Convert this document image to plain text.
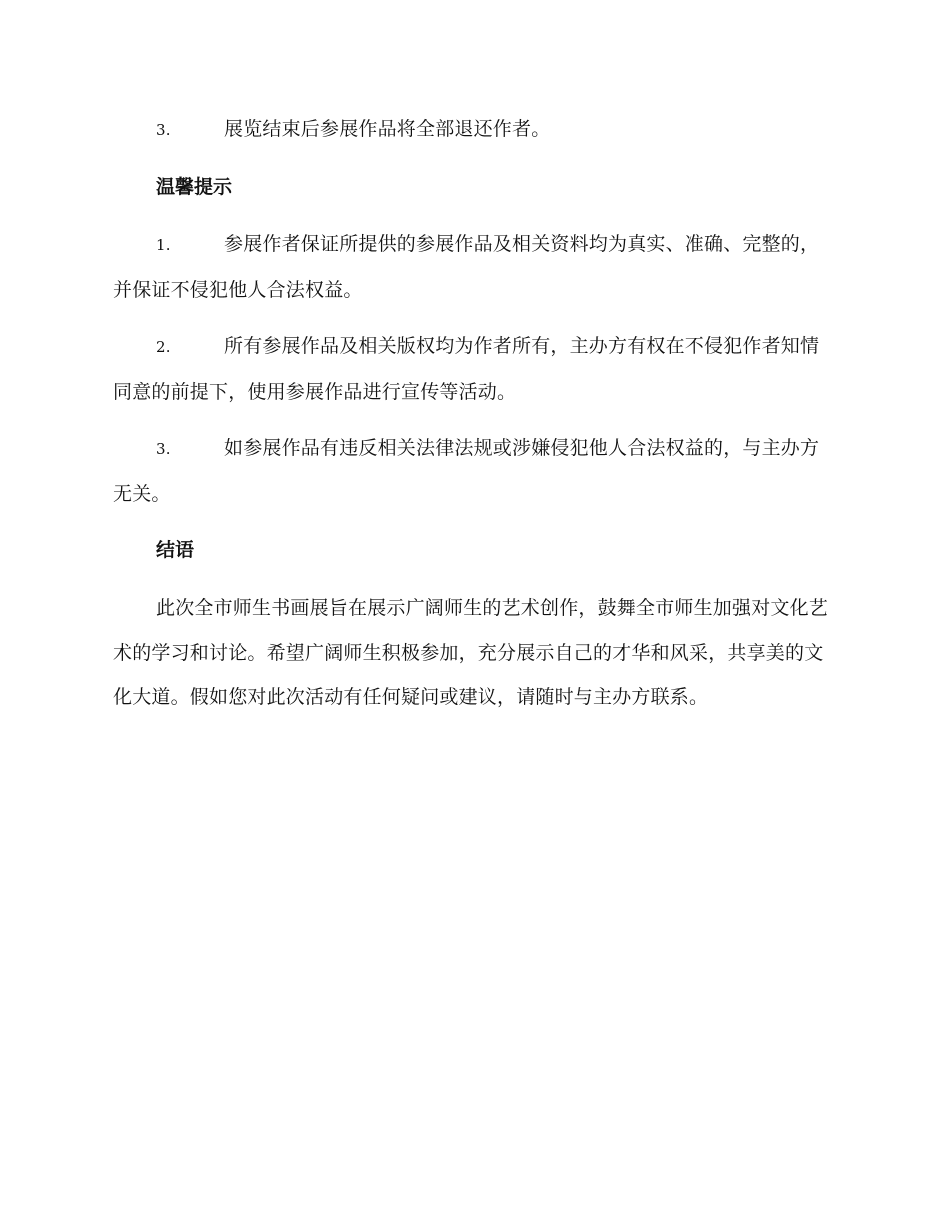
3.	展览结束后参展作品将全部退还作者。
温馨提示
1.	参展作者保证所提供的参展作品及相关资料均为真实、准确、完整的，并保证不侵犯他人合法权益。
2.	所有参展作品及相关版权均为作者所有，主办方有权在不侵犯作者知情同意的前提下，使用参展作品进行宣传等活动。
3.	如参展作品有违反相关法律法规或涉嫌侵犯他人合法权益的，与主办方无关。
结语
此次全市师生书画展旨在展示广阔师生的艺术创作，鼓舞全市师生加强对文化艺术的学习和讨论。希望广阔师生积极参加，充分展示自己的才华和风采，共享美的文化大道。假如您对此次活动有任何疑问或建议，请随时与主办方联系。
